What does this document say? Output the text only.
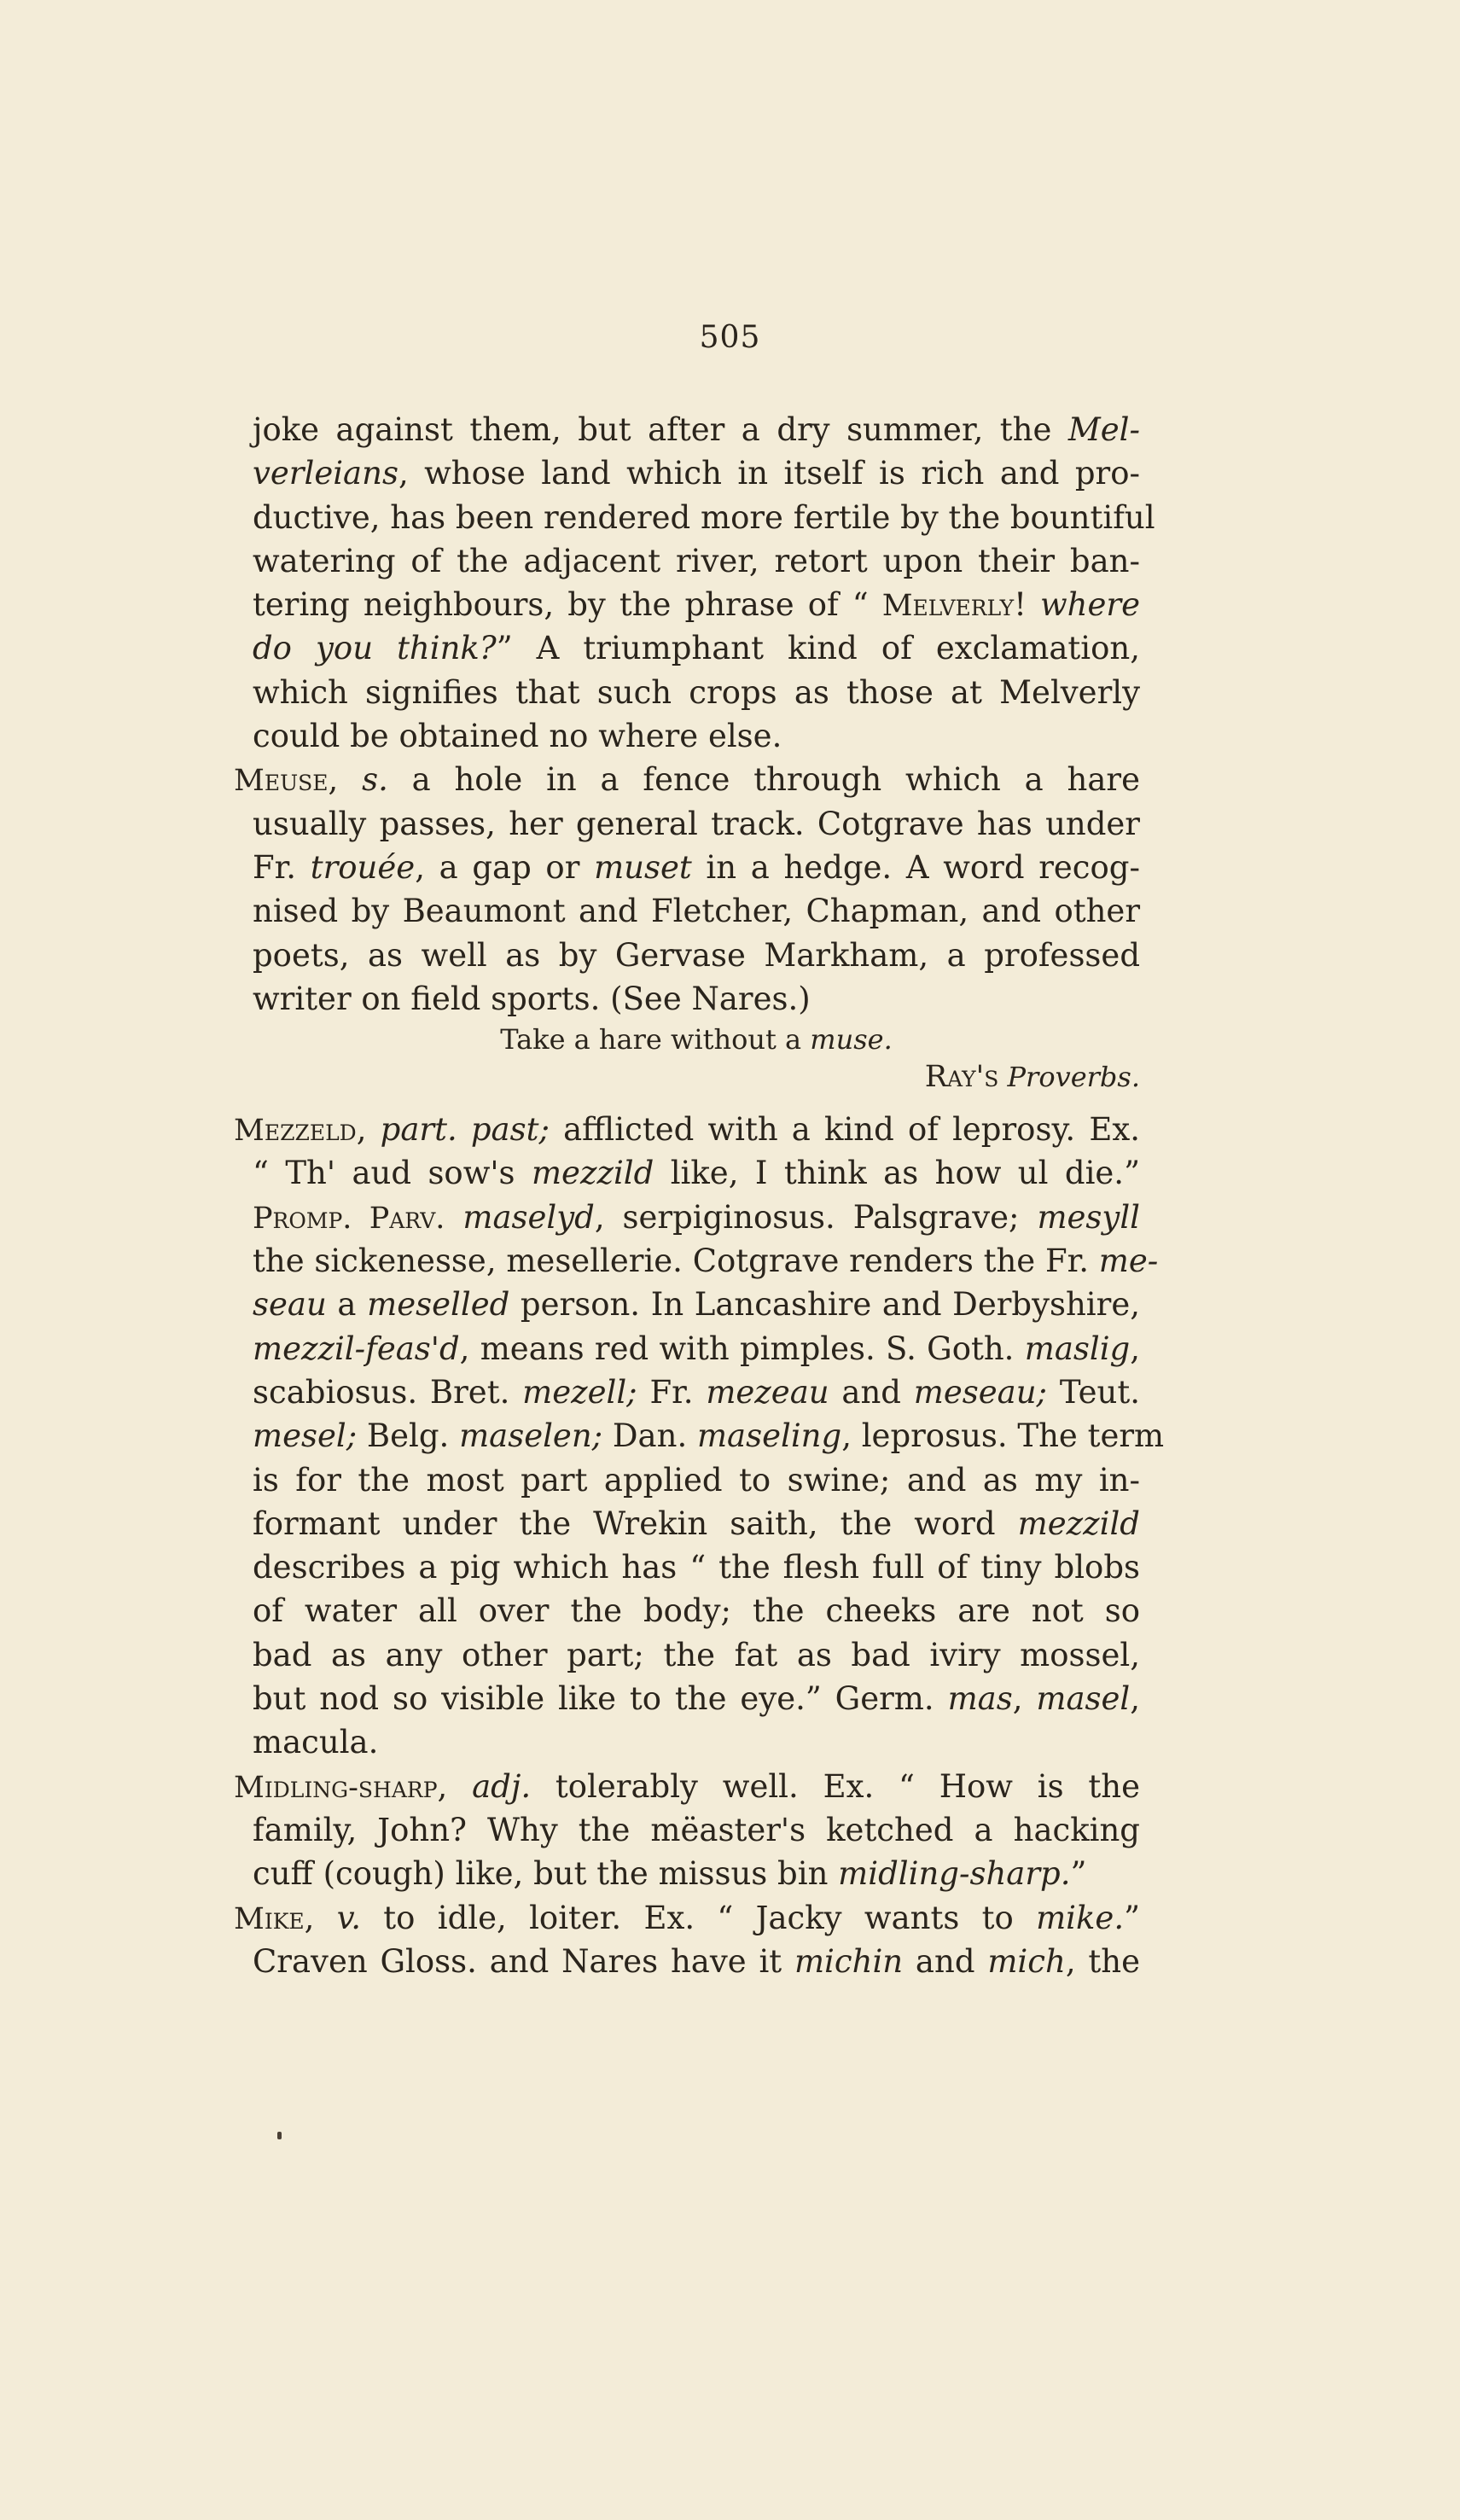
505
joke against them, but after a dry summer, the Mel-
verleians, whose land which in itself is rich and pro-
ductive, has been rendered more fertile by the bountiful
watering of the adjacent river, retort upon their ban-
tering neighbours, by the phrase of “ Melverly! where
do you think?” A triumphant kind of exclamation,
which signifies that such crops as those at Melverly
could be obtained no where else.
Meuse, s. a hole in a fence through which a hare
usually passes, her general track. Cotgrave has under
Fr. trouée, a gap or muset in a hedge. A word recog-
nised by Beaumont and Fletcher, Chapman, and other
poets, as well as by Gervase Markham, a professed
writer on field sports. (See Nares.)
Take a hare without a muse.
Ray's Proverbs.
Mezzeld, part. past; afflicted with a kind of leprosy. Ex.
“ Th' aud sow's mezzild like, I think as how ul die.”
Promp. Parv. maselyd, serpiginosus. Palsgrave; mesyll
the sickenesse, mesellerie. Cotgrave renders the Fr. me-
seau a meselled person. In Lancashire and Derbyshire,
mezzil-feas'd, means red with pimples. S. Goth. maslig,
scabiosus. Bret. mezell; Fr. mezeau and meseau; Teut.
mesel; Belg. maselen; Dan. maseling, leprosus. The term
is for the most part applied to swine; and as my in-
formant under the Wrekin saith, the word mezzild
describes a pig which has “ the flesh full of tiny blobs
of water all over the body; the cheeks are not so
bad as any other part; the fat as bad iviry mossel,
but nod so visible like to the eye.” Germ. mas, masel,
macula.
Midling-sharp, adj. tolerably well. Ex. “ How is the
family, John? Why the mëaster's ketched a hacking
cuff (cough) like, but the missus bin midling-sharp.”
Mike, v. to idle, loiter. Ex. “ Jacky wants to mike.”
Craven Gloss. and Nares have it michin and mich, the
